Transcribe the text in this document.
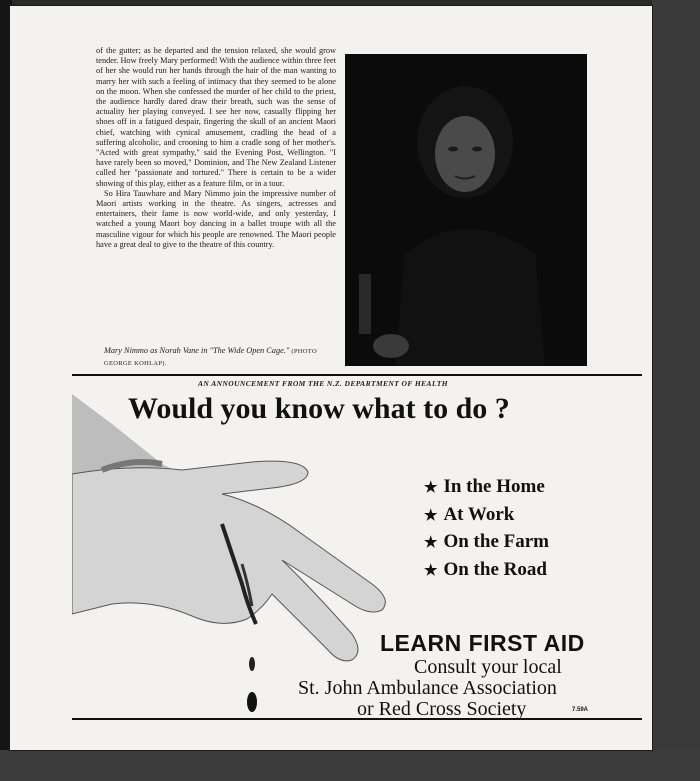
of the gutter; as he departed and the tension relaxed, she would grow tender. How freely Mary performed! With the audience within three feet of her she would run her hands through the hair of the man wanting to marry her with such a feeling of intimacy that they seemed to be alone on the moon. When she confessed the murder of her child to the priest, the audience hardly dared draw their breath, such was the sense of actuality her playing conveyed. I see her now, casually flipping her shoes off in a fatigued despair, fingering the skull of an ancient Maori chief, watching with cynical amusement, cradling the head of a suffering alcoholic, and crooning to him a cradle song of her mother's. "Acted with great sympathy," said the Evening Post, Wellington. "I have rarely been so moved," Dominion, and The New Zealand Listener called her "passionate and tortured." There is certain to be a wider showing of this play, either as a feature film, or in a tour.

So Hira Tauwhare and Mary Nimmo join the impressive number of Maori artists working in the theatre. As singers, actresses and entertainers, their fame is now world-wide, and only yesterday, I watched a young Maori boy dancing in a ballet troupe with all the masculine vigour for which his people are renowned. The Maori people have a great deal to give to the theatre of this country.

Mary Nimmo as Norah Vane in "The Wide Open Cage." (PHOTO GEORGE KOHLAP).
AN ANNOUNCEMENT FROM THE N.Z. DEPARTMENT OF HEALTH
Would you know what to do ?
★ In the Home
★ At Work
★ On the Farm
★ On the Road
LEARN FIRST AID
Consult your local
St. John Ambulance Association
or Red Cross Society	7.59A
